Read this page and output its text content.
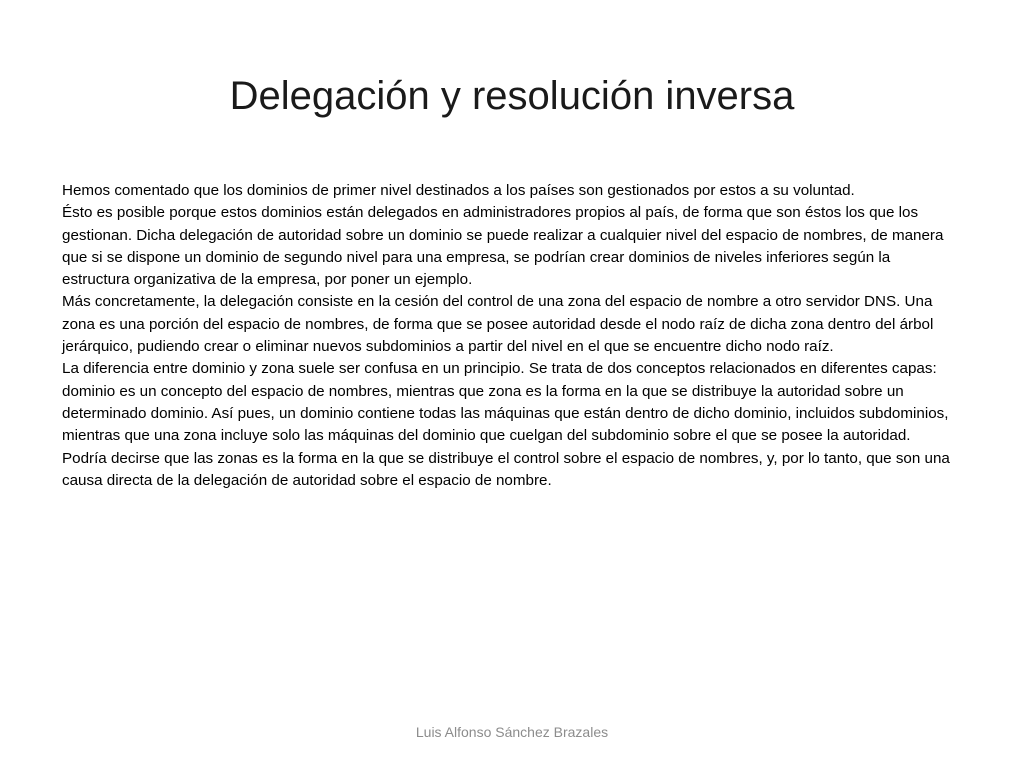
Delegación y resolución inversa

Hemos comentado que los dominios de primer nivel destinados a los países son gestionados por estos a su voluntad.

Ésto es posible porque estos dominios están delegados en administradores propios al país, de forma que son éstos los que los gestionan. Dicha delegación de autoridad sobre un dominio se puede realizar a cualquier nivel del espacio de nombres, de manera que si se dispone un dominio de segundo nivel para una empresa, se podrían crear dominios de niveles inferiores según la estructura organizativa de la empresa, por poner un ejemplo.

Más concretamente, la delegación consiste en la cesión del control de una zona del espacio de nombre a otro servidor DNS. Una zona es una porción del espacio de nombres, de forma que se posee autoridad desde el nodo raíz de dicha zona dentro del árbol jerárquico, pudiendo crear o eliminar nuevos subdominios a partir del nivel en el que se encuentre dicho nodo raíz.

La diferencia entre dominio y zona suele ser confusa en un principio. Se trata de dos conceptos relacionados en diferentes capas: dominio es un concepto del espacio de nombres, mientras que zona es la forma en la que se distribuye la autoridad sobre un determinado dominio. Así pues, un dominio contiene todas las máquinas que están dentro de dicho dominio, incluidos subdominios, mientras que una zona incluye solo las máquinas del dominio que cuelgan del subdominio sobre el que se posee la autoridad. Podría decirse que las zonas es la forma en la que se distribuye el control sobre el espacio de nombres, y, por lo tanto, que son una causa directa de la delegación de autoridad sobre el espacio de nombre.

Luis Alfonso Sánchez Brazales
